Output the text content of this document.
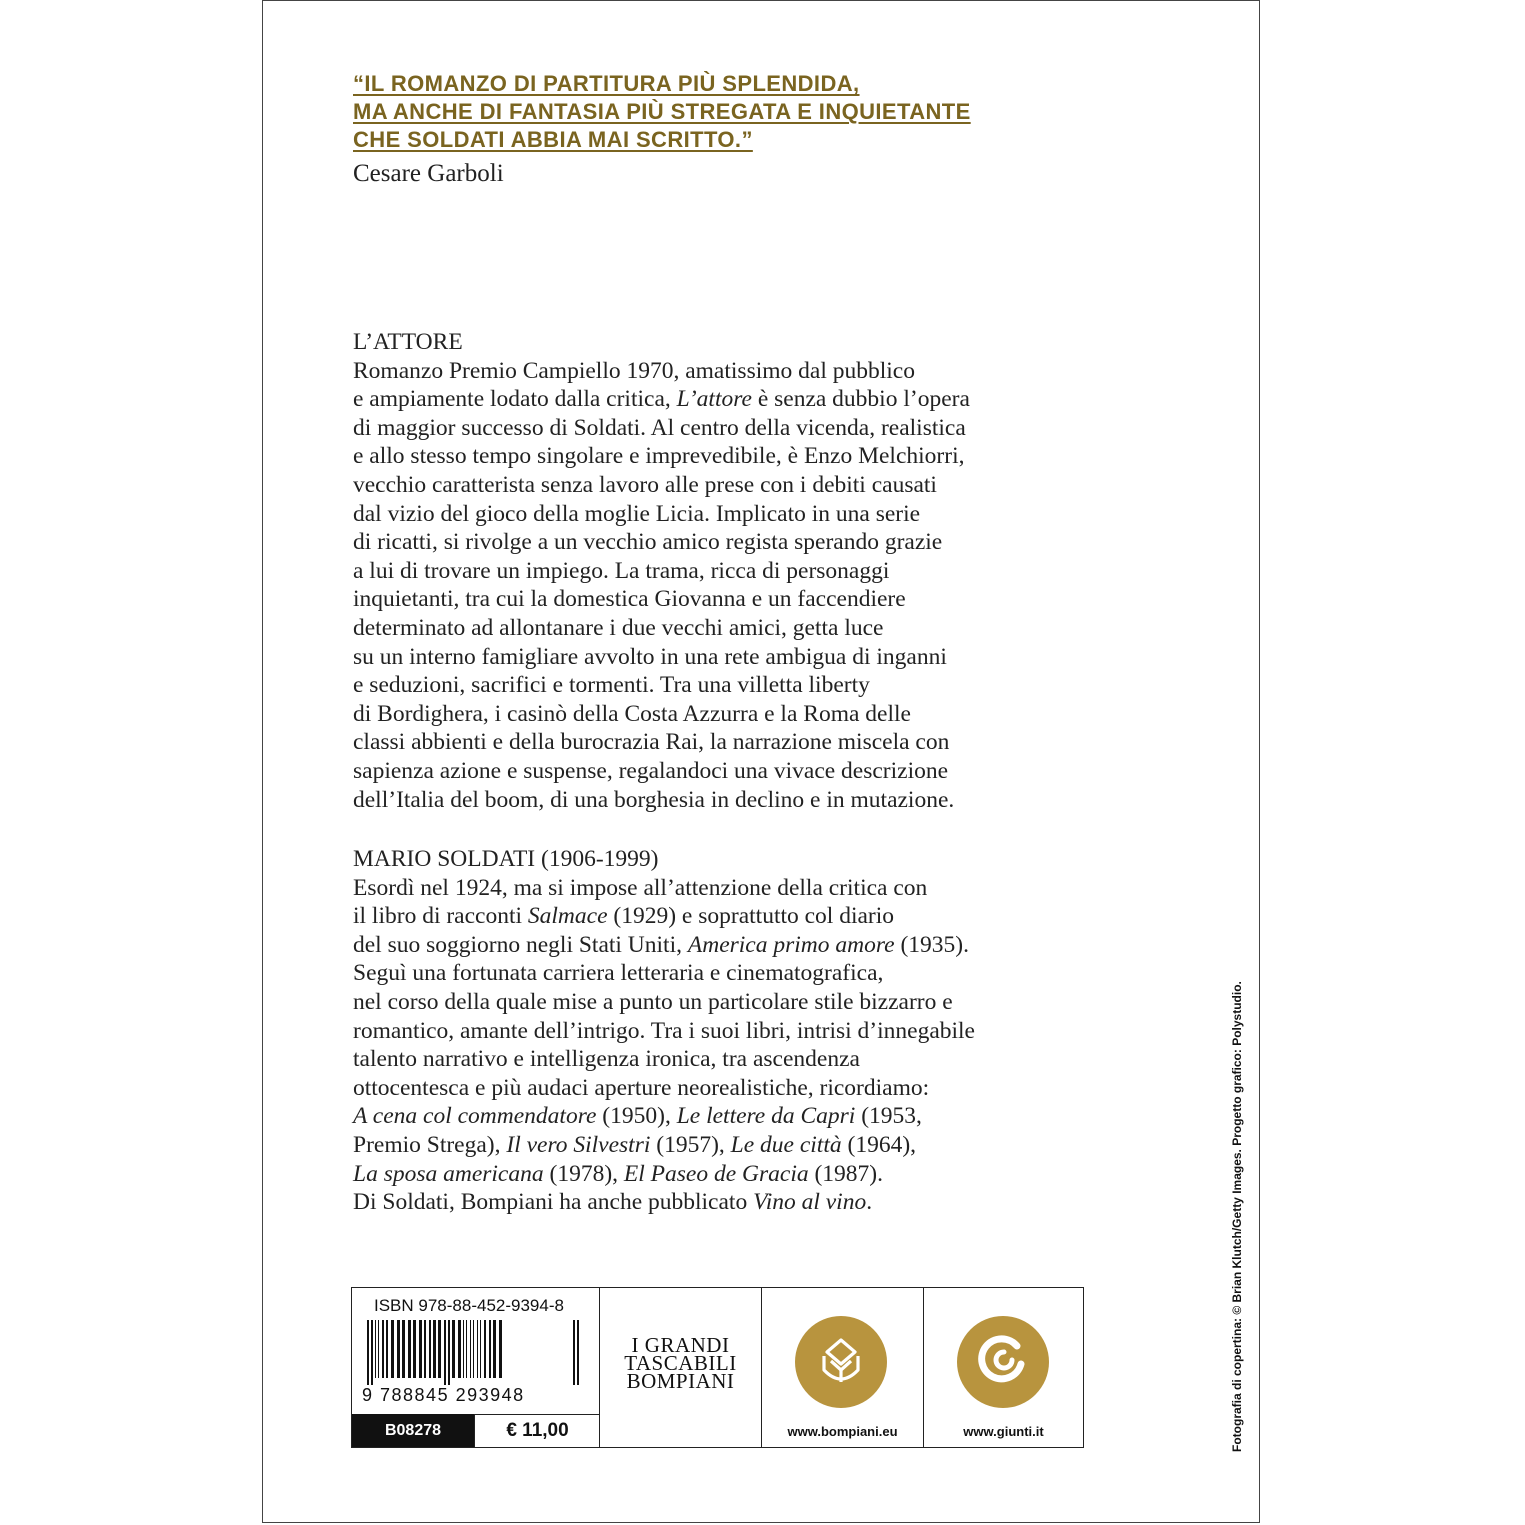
“IL ROMANZO DI PARTITURA PIÙ SPLENDIDA,
MA ANCHE DI FANTASIA PIÙ STREGATA E INQUIETANTE
CHE SOLDATI ABBIA MAI SCRITTO.”
Cesare Garboli
L’ATTORE
Romanzo Premio Campiello 1970, amatissimo dal pubblico
e ampiamente lodato dalla critica, L’attore è senza dubbio l’opera
di maggior successo di Soldati. Al centro della vicenda, realistica
e allo stesso tempo singolare e imprevedibile, è Enzo Melchiorri,
vecchio caratterista senza lavoro alle prese con i debiti causati
dal vizio del gioco della moglie Licia. Implicato in una serie
di ricatti, si rivolge a un vecchio amico regista sperando grazie
a lui di trovare un impiego. La trama, ricca di personaggi
inquietanti, tra cui la domestica Giovanna e un faccendiere
determinato ad allontanare i due vecchi amici, getta luce
su un interno famigliare avvolto in una rete ambigua di inganni
e seduzioni, sacrifici e tormenti. Tra una villetta liberty
di Bordighera, i casinò della Costa Azzurra e la Roma delle
classi abbienti e della burocrazia Rai, la narrazione miscela con
sapienza azione e suspense, regalandoci una vivace descrizione
dell’Italia del boom, di una borghesia in declino e in mutazione.
MARIO SOLDATI (1906-1999)
Esordì nel 1924, ma si impose all’attenzione della critica con
il libro di racconti Salmace (1929) e soprattutto col diario
del suo soggiorno negli Stati Uniti, America primo amore (1935).
Seguì una fortunata carriera letteraria e cinematografica,
nel corso della quale mise a punto un particolare stile bizzarro e
romantico, amante dell’intrigo. Tra i suoi libri, intrisi d’innegabile
talento narrativo e intelligenza ironica, tra ascendenza
ottocentesca e più audaci aperture neorealistiche, ricordiamo:
A cena col commendatore (1950), Le lettere da Capri (1953,
Premio Strega), Il vero Silvestri (1957), Le due città (1964),
La sposa americana (1978), El Paseo de Gracia (1987).
Di Soldati, Bompiani ha anche pubblicato Vino al vino.
ISBN 978-88-452-9394-8
9 788845 293948
B08278	€ 11,00
I GRANDI
TASCABILI
BOMPIANI
www.bompiani.eu	www.giunti.it	Fotografia di copertina: © Brian Klutch/Getty Images. Progetto grafico: Polystudio.
